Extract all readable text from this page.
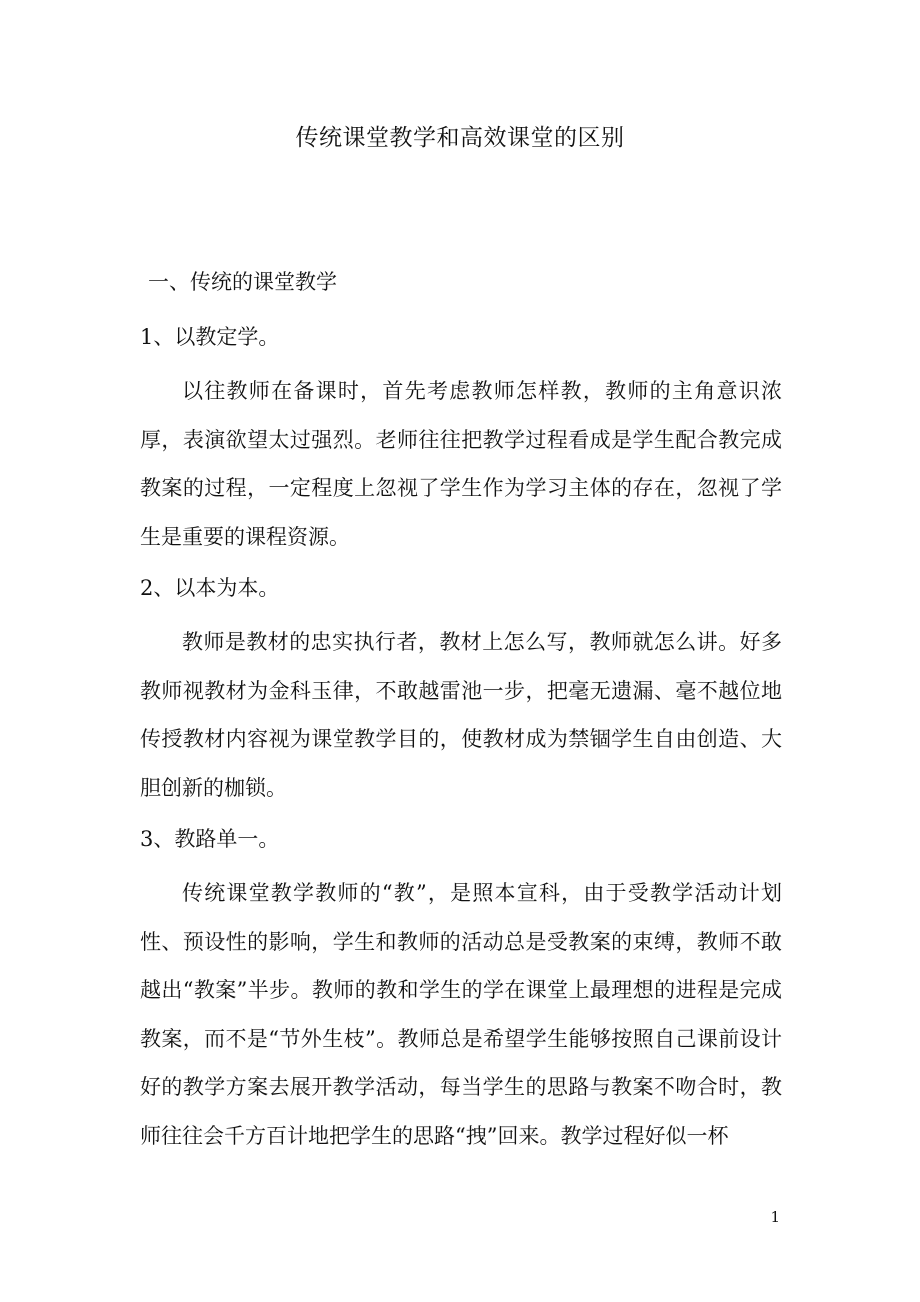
传统课堂教学和高效课堂的区别
一、传统的课堂教学
1、以教定学。
以往教师在备课时，首先考虑教师怎样教，教师的主角意识浓厚，表演欲望太过强烈。老师往往把教学过程看成是学生配合教完成教案的过程，一定程度上忽视了学生作为学习主体的存在，忽视了学生是重要的课程资源。
2、以本为本。
教师是教材的忠实执行者，教材上怎么写，教师就怎么讲。好多教师视教材为金科玉律，不敢越雷池一步，把毫无遗漏、毫不越位地传授教材内容视为课堂教学目的，使教材成为禁锢学生自由创造、大胆创新的枷锁。
3、教路单一。
传统课堂教学教师的“教”，是照本宣科，由于受教学活动计划性、预设性的影响，学生和教师的活动总是受教案的束缚，教师不敢越出“教案”半步。教师的教和学生的学在课堂上最理想的进程是完成教案，而不是“节外生枝”。教师总是希望学生能够按照自己课前设计好的教学方案去展开教学活动，每当学生的思路与教案不吻合时，教师往往会千方百计地把学生的思路“拽”回来。教学过程好似一杯
1
